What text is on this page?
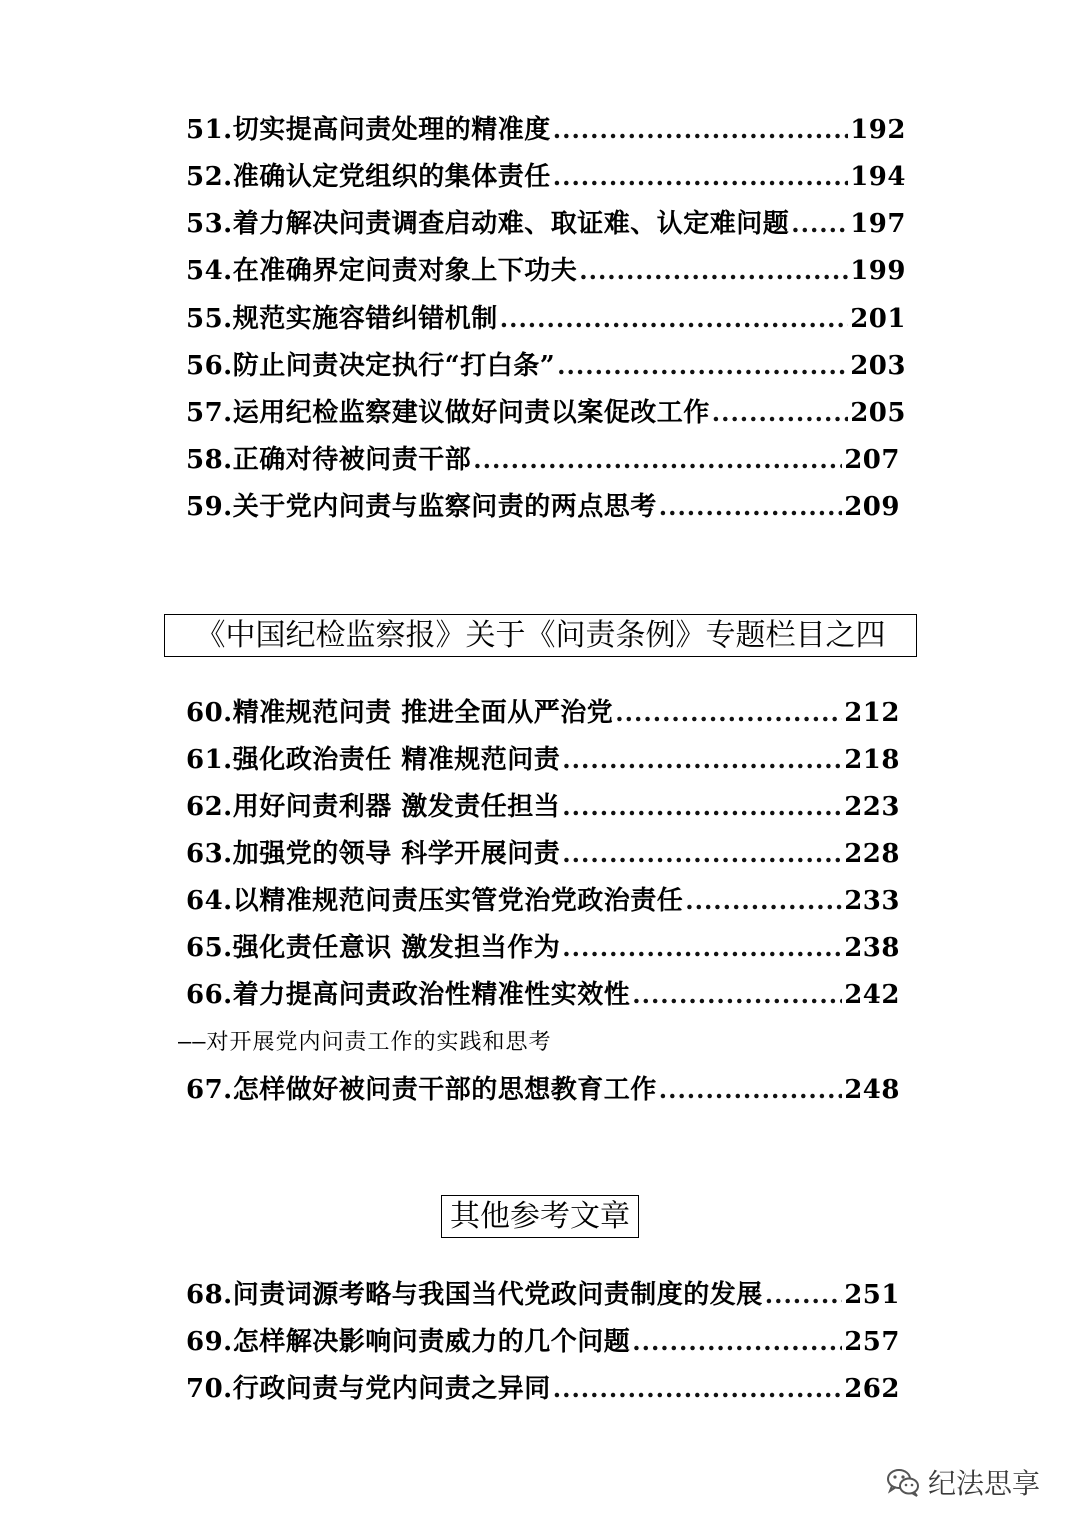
51.切实提高问责处理的精准度 .....	192
52.准确认定党组织的集体责任 .....	194
53.着力解决问责调查启动难、取证难、认定难问题 ..... 197
54.在准确界定问责对象上下功夫 .....	199
55.规范实施容错纠错机制 .....	201
56.防止问责决定执行“打白条” .....	203
57.运用纪检监察建议做好问责以案促改工作 .....	205
58.正确对待被问责干部 .....	207
59.关于党内问责与监察问责的两点思考 .....	209
《中国纪检监察报》关于《问责条例》专题栏目之四
60.精准规范问责 推进全面从严治党 .....	212
61.强化政治责任 精准规范问责 .....	218
62.用好问责利器 激发责任担当 .....	223
63.加强党的领导 科学开展问责 .....	228
64.以精准规范问责压实管党治党政治责任 .....	233
65.强化责任意识 激发担当作为 .....	238
66.着力提高问责政治性精准性实效性 .....	242
——对开展党内问责工作的实践和思考
67.怎样做好被问责干部的思想教育工作 .....	248
其他参考文章
68.问责词源考略与我国当代党政问责制度的发展 .....	251
69.怎样解决影响问责威力的几个问题 .....	257
70.行政问责与党内问责之异同 .....	262
纪法思享
